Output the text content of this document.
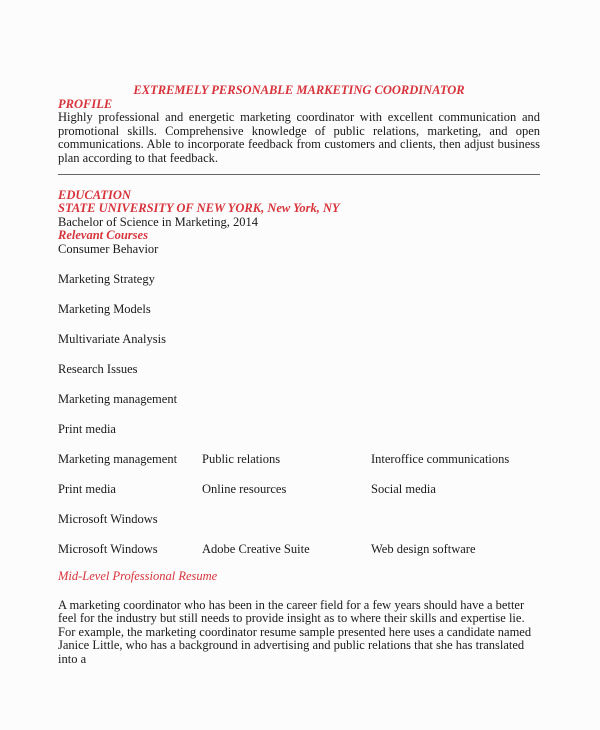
EXTREMELY PERSONABLE MARKETING COORDINATOR
PROFILE
Highly professional and energetic marketing coordinator with excellent communication and promotional skills. Comprehensive knowledge of public relations, marketing, and open communications. Able to incorporate feedback from customers and clients, then adjust business plan according to that feedback.
EDUCATION
STATE UNIVERSITY OF NEW YORK, New York, NY
Bachelor of Science in Marketing, 2014
Relevant Courses
Consumer Behavior
Marketing Strategy
Marketing Models
Multivariate Analysis
Research Issues
Marketing management
Print media
Marketing management	Public relations	Interoffice communications
Print media	Online resources	Social media
Microsoft Windows
Microsoft Windows	Adobe Creative Suite	Web design software
Mid-Level Professional Resume
A marketing coordinator who has been in the career field for a few years should have a better feel for the industry but still needs to provide insight as to where their skills and expertise lie. For example, the marketing coordinator resume sample presented here uses a candidate named Janice Little, who has a background in advertising and public relations that she has translated into a
